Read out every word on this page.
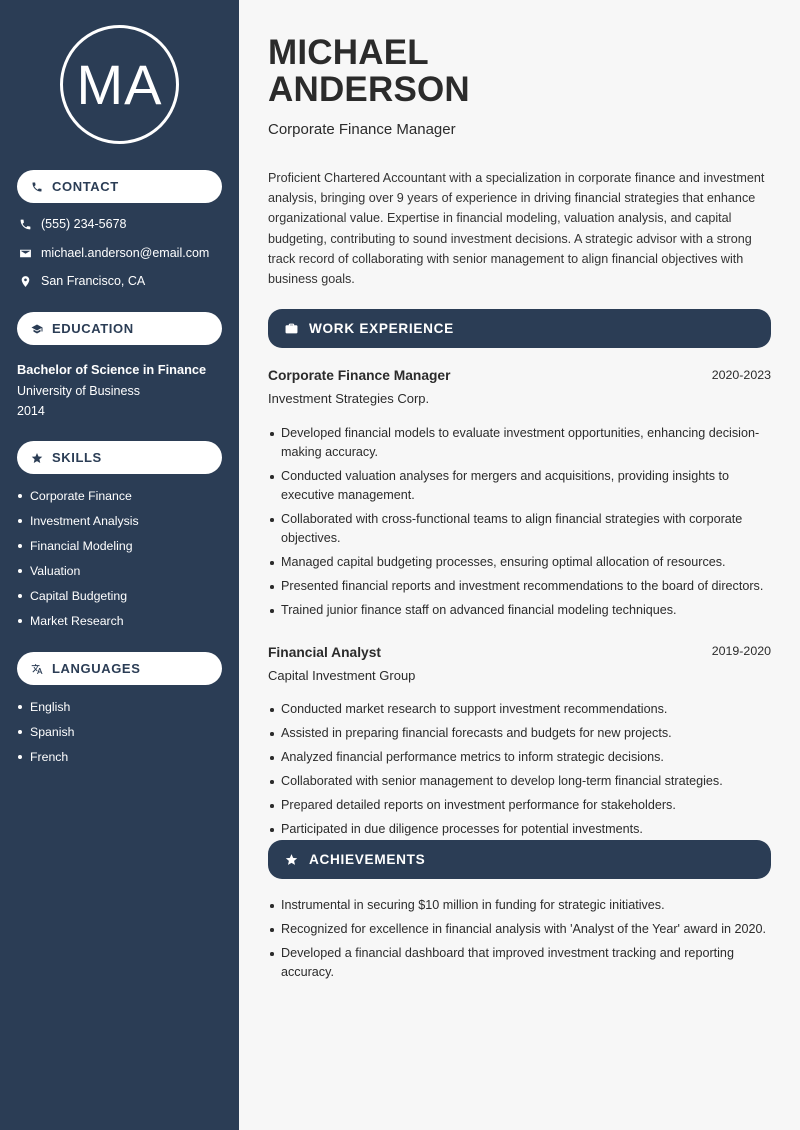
MA
CONTACT
(555) 234-5678
michael.anderson@email.com
San Francisco, CA
EDUCATION
Bachelor of Science in Finance
University of Business
2014
SKILLS
Corporate Finance
Investment Analysis
Financial Modeling
Valuation
Capital Budgeting
Market Research
LANGUAGES
English
Spanish
French
MICHAEL
ANDERSON
Corporate Finance Manager

Proficient Chartered Accountant with a specialization in corporate finance and investment analysis, bringing over 9 years of experience in driving financial strategies that enhance organizational value. Expertise in financial modeling, valuation analysis, and capital budgeting, contributing to sound investment decisions. A strategic advisor with a strong track record of collaborating with senior management to align financial objectives with business goals.

WORK EXPERIENCE
Corporate Finance Manager	2020-2023
Investment Strategies Corp.
Developed financial models to evaluate investment opportunities, enhancing decision-making accuracy.
Conducted valuation analyses for mergers and acquisitions, providing insights to executive management.
Collaborated with cross-functional teams to align financial strategies with corporate objectives.
Managed capital budgeting processes, ensuring optimal allocation of resources.
Presented financial reports and investment recommendations to the board of directors.
Trained junior finance staff on advanced financial modeling techniques.
Financial Analyst	2019-2020
Capital Investment Group
Conducted market research to support investment recommendations.
Assisted in preparing financial forecasts and budgets for new projects.
Analyzed financial performance metrics to inform strategic decisions.
Collaborated with senior management to develop long-term financial strategies.
Prepared detailed reports on investment performance for stakeholders.
Participated in due diligence processes for potential investments.
ACHIEVEMENTS
Instrumental in securing $10 million in funding for strategic initiatives.
Recognized for excellence in financial analysis with 'Analyst of the Year' award in 2020.
Developed a financial dashboard that improved investment tracking and reporting accuracy.
